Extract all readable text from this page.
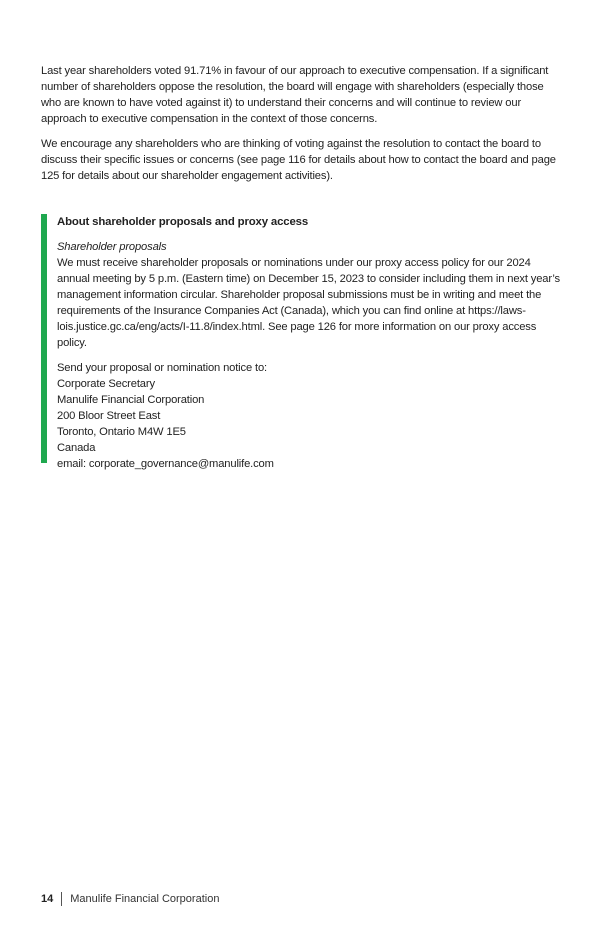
Last year shareholders voted 91.71% in favour of our approach to executive compensation. If a significant number of shareholders oppose the resolution, the board will engage with shareholders (especially those who are known to have voted against it) to understand their concerns and will continue to review our approach to executive compensation in the context of those concerns.

We encourage any shareholders who are thinking of voting against the resolution to contact the board to discuss their specific issues or concerns (see page 116 for details about how to contact the board and page 125 for details about our shareholder engagement activities).

About shareholder proposals and proxy access

Shareholder proposals

We must receive shareholder proposals or nominations under our proxy access policy for our 2024 annual meeting by 5 p.m. (Eastern time) on December 15, 2023 to consider including them in next year’s management information circular. Shareholder proposal submissions must be in writing and meet the requirements of the Insurance Companies Act (Canada), which you can find online at https://laws-lois.justice.gc.ca/eng/acts/I-11.8/index.html. See page 126 for more information on our proxy access policy.

Send your proposal or nomination notice to:
Corporate Secretary
Manulife Financial Corporation
200 Bloor Street East
Toronto, Ontario M4W 1E5
Canada
email: corporate_governance@manulife.com
14 Manulife Financial Corporation
